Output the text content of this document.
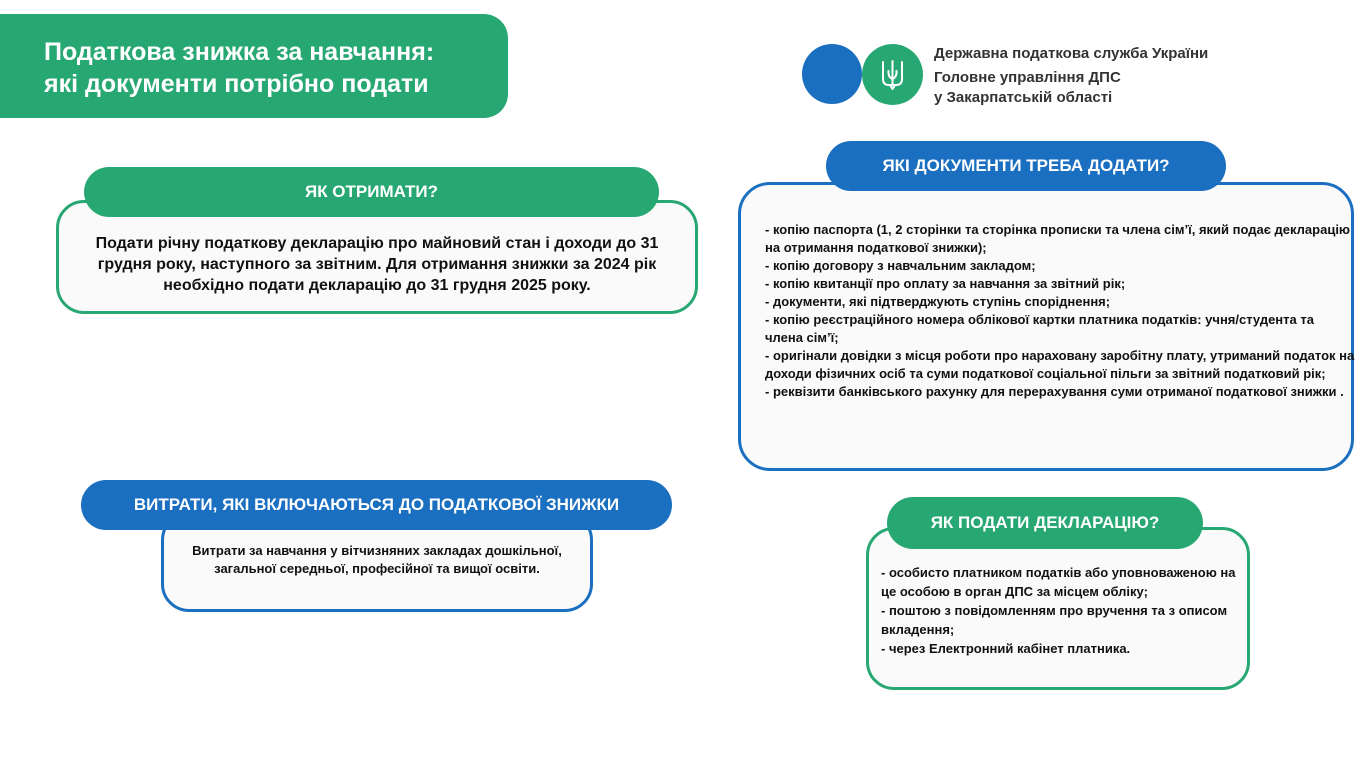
Податкова знижка за навчання:
які документи потрібно подати
Державна податкова служба України
Головне управління ДПС
у Закарпатській області
Подати річну податкову декларацію про майновий стан і доходи до 31 грудня року, наступного за звітним. Для отримання знижки за 2024 рік необхідно подати декларацію до 31 грудня 2025 року.
ЯК ОТРИМАТИ?
- копію паспорта (1, 2 сторінки та сторінка прописки та члена сім’ї, який подає декларацію на отримання податкової знижки);
- копію договору з навчальним закладом;
- копію квитанції про оплату за навчання за звітний рік;
- документи, які підтверджують ступінь споріднення;
- копію реєстраційного номера облікової картки платника податків: учня/студента та члена сім’ї;
- оригінали довідки з місця роботи про нараховану заробітну плату, утриманий податок на доходи фізичних осіб та суми податкової соціальної пільги за звітний податковий рік;
- реквізити банківського рахунку для перерахування суми отриманої податкової знижки .
ЯКІ ДОКУМЕНТИ ТРЕБА ДОДАТИ?
Витрати за навчання у вітчизняних закладах дошкільної, загальної середньої, професійної та вищої освіти.
ВИТРАТИ, ЯКІ ВКЛЮЧАЮТЬСЯ ДО ПОДАТКОВОЇ ЗНИЖКИ
- особисто платником податків або уповноваженою на це особою в орган ДПС за місцем обліку;
- поштою з повідомленням про вручення та з описом вкладення;
- через Електронний кабінет платника.
ЯК ПОДАТИ ДЕКЛАРАЦІЮ?
